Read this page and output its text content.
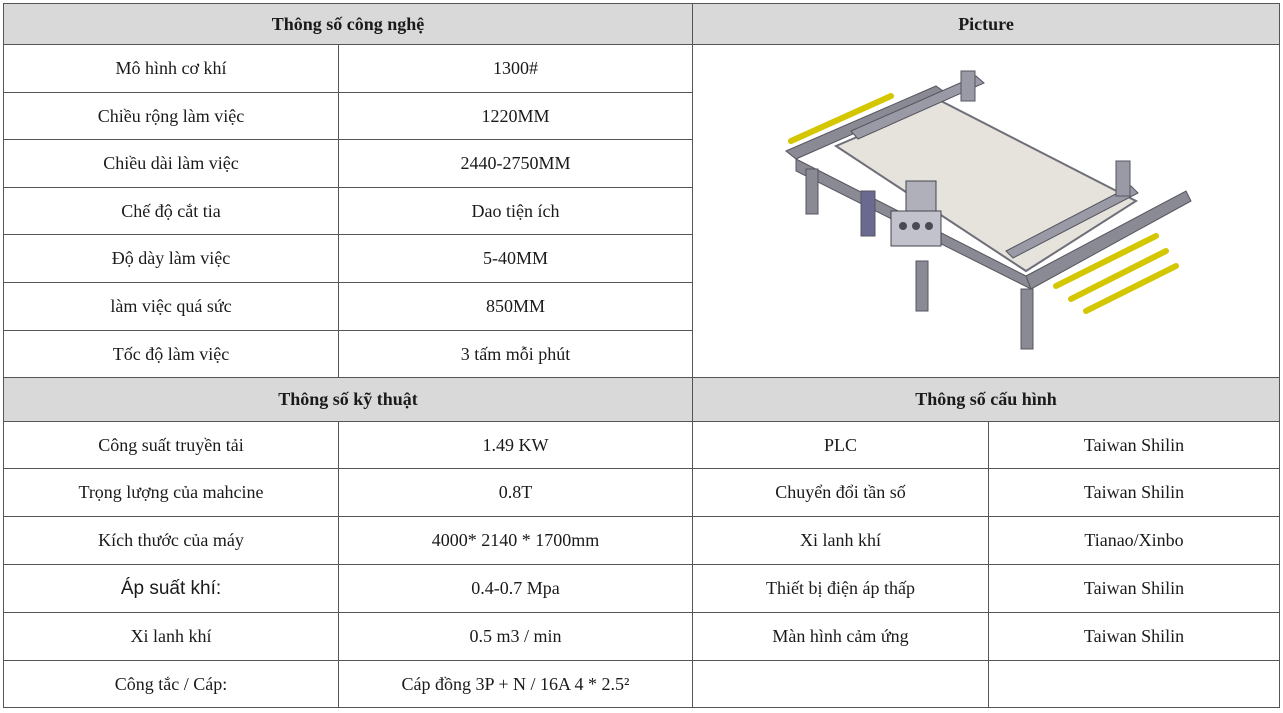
Thông số công nghệ		Picture	
Mô hình cơ khí	1300#	

Chiều rộng làm việc	1220MM		
Chiều dài làm việc	2440-2750MM		
Chế độ cắt tia	Dao tiện ích		
Độ dày làm việc	5-40MM		
làm việc quá sức	850MM		
Tốc độ làm việc	3 tấm mỗi phút		
Thông số kỹ thuật		Thông số cấu hình	
Công suất truyền tải	1.49 KW	PLC	Taiwan Shilin
Trọng lượng của mahcine	0.8T	Chuyển đổi tần số	Taiwan Shilin
Kích thước của máy	4000* 2140 * 1700mm	Xi lanh khí	Tianao/Xinbo
Áp suất khí:	0.4-0.7 Mpa	Thiết bị điện áp thấp	Taiwan Shilin
Xi lanh khí	0.5 m3 / min	Màn hình cảm ứng	Taiwan Shilin
Công tắc / Cáp:	Cáp đồng 3P + N / 16A 4 * 2.5²		
